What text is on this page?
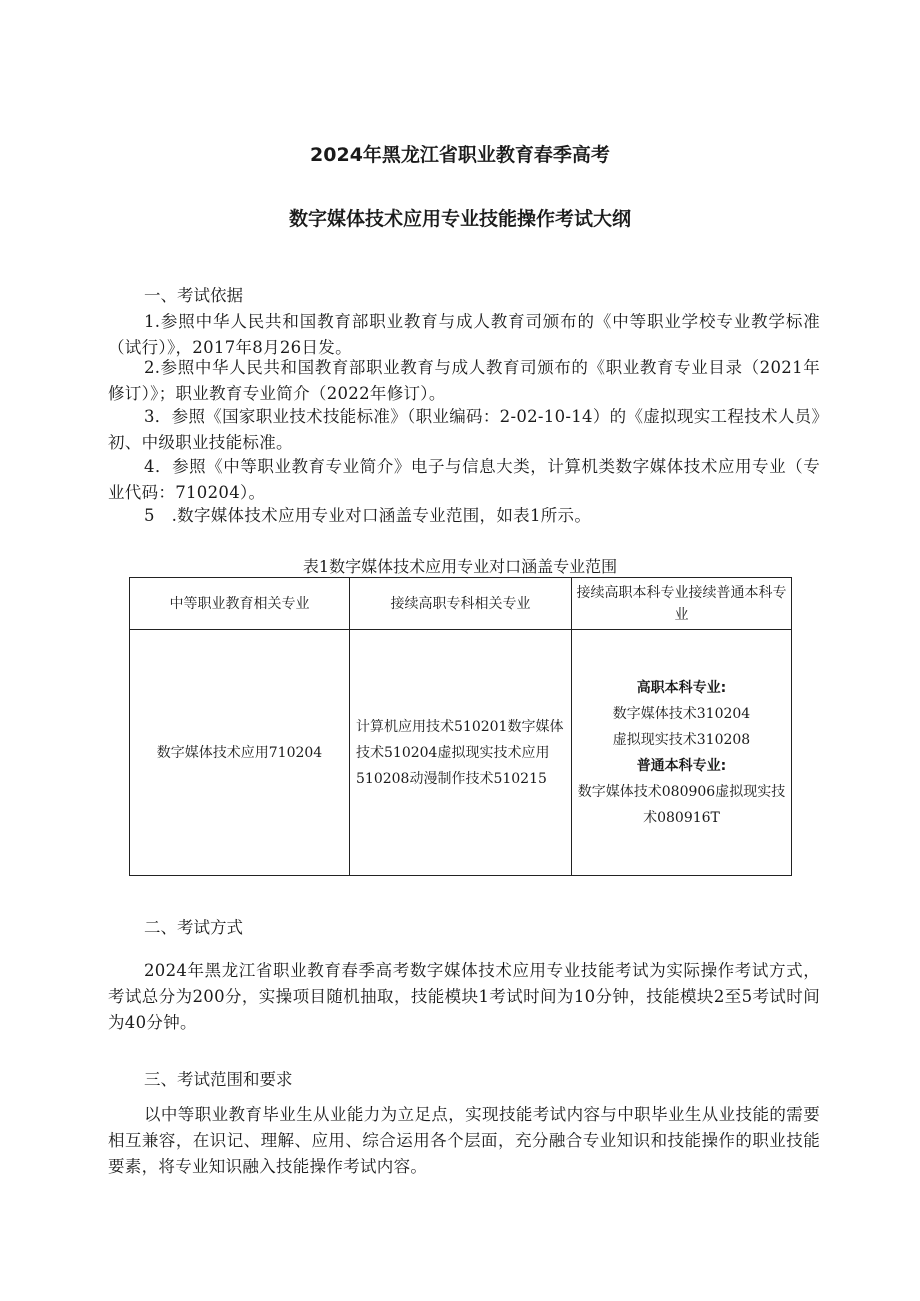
2024年黑龙江省职业教育春季高考
数字媒体技术应用专业技能操作考试大纲
一、考试依据
1.参照中华人民共和国教育部职业教育与成人教育司颁布的《中等职业学校专业教学标准（试行）》，2017年8月26日发。
2.参照中华人民共和国教育部职业教育与成人教育司颁布的《职业教育专业目录（2021年修订）》；职业教育专业简介（2022年修订）。
3．参照《国家职业技术技能标准》（职业编码：2-02-10-14）的《虚拟现实工程技术人员》初、中级职业技能标准。
4．参照《中等职业教育专业简介》电子与信息大类，计算机类数字媒体技术应用专业（专业代码：710204）。
5　.数字媒体技术应用专业对口涵盖专业范围，如表1所示。
表1数字媒体技术应用专业对口涵盖专业范围
中等职业教育相关专业	接续高职专科相关专业	接续高职本科专业接续普通本科专业
数字媒体技术应用710204	计算机应用技术510201数字媒体技术510204虚拟现实技术应用510208动漫制作技术510215	高职本科专业:
数字媒体技术310204
虚拟现实技术310208
普通本科专业:
数字媒体技术080906虚拟现实技术080916T
二、考试方式
2024年黑龙江省职业教育春季高考数字媒体技术应用专业技能考试为实际操作考试方式，考试总分为200分，实操项目随机抽取，技能模块1考试时间为10分钟，技能模块2至5考试时间为40分钟。
三、考试范围和要求
以中等职业教育毕业生从业能力为立足点，实现技能考试内容与中职毕业生从业技能的需要相互兼容，在识记、理解、应用、综合运用各个层面，充分融合专业知识和技能操作的职业技能要素，将专业知识融入技能操作考试内容。
